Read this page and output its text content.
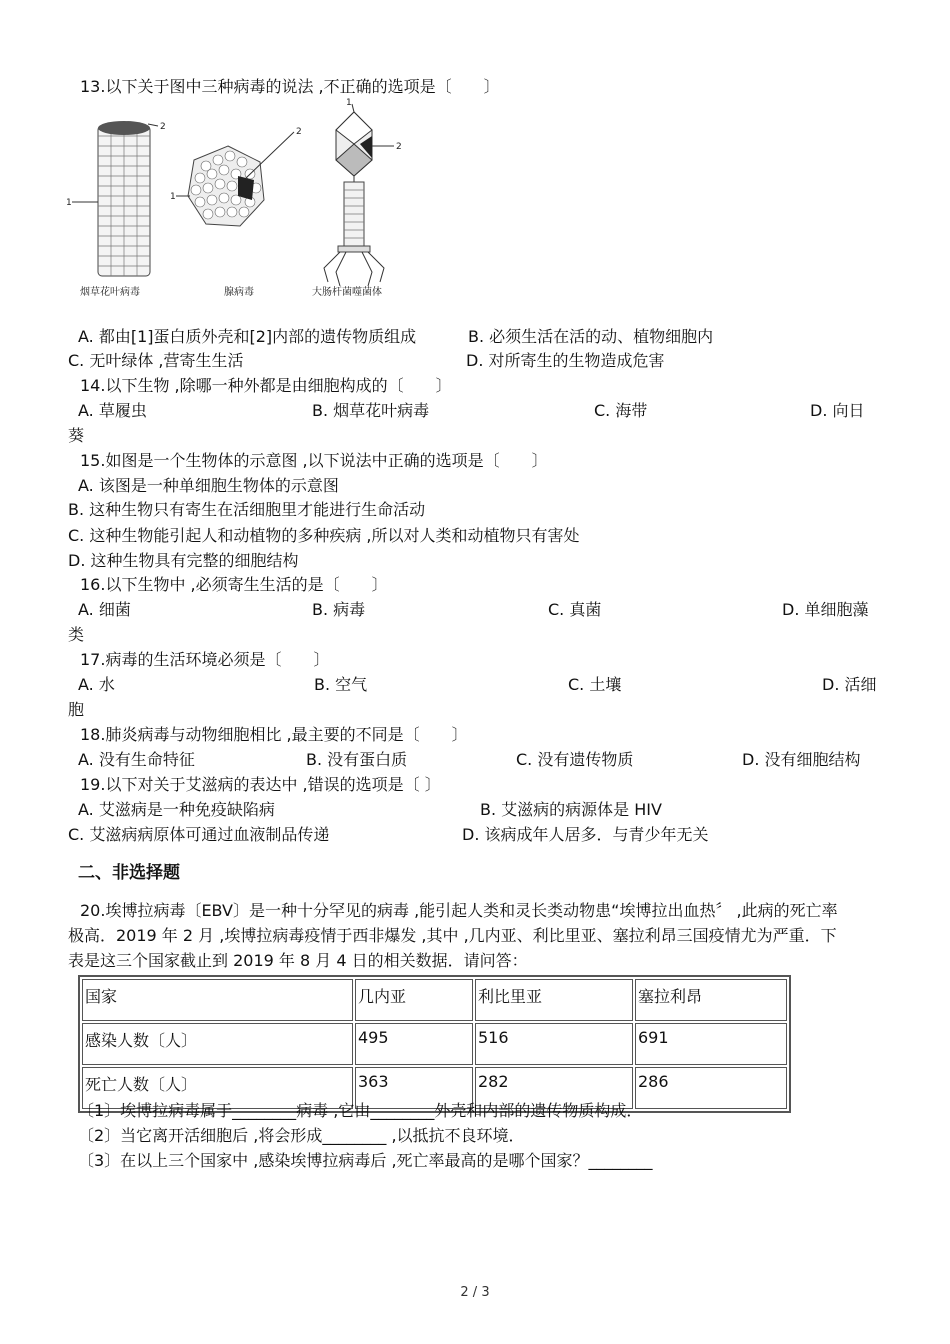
13.以下关于图中三种病毒的说法 ,不正确的选项是〔　　〕
2
1
烟草花叶病毒
2
1
腺病毒
1
2
大肠杆菌噬菌体
A. 都由[1]蛋白质外壳和[2]内部的遗传物质组成	B. 必须生活在活的动、植物细胞内
C. 无叶绿体 ,营寄生生活	D. 对所寄生的生物造成危害
14.以下生物 ,除哪一种外都是由细胞构成的〔　　〕
A. 草履虫	B. 烟草花叶病毒	C. 海带	D. 向日
葵
15.如图是一个生物体的示意图 ,以下说法中正确的选项是〔　　〕
A. 该图是一种单细胞生物体的示意图
B. 这种生物只有寄生在活细胞里才能进行生命活动
C. 这种生物能引起人和动植物的多种疾病 ,所以对人类和动植物只有害处
D. 这种生物具有完整的细胞结构
16.以下生物中 ,必须寄生生活的是〔　　〕
A. 细菌	B. 病毒	C. 真菌	D. 单细胞藻
类
17.病毒的生活环境必须是〔　　〕
A. 水	B. 空气	C. 土壤	D. 活细
胞
18.肺炎病毒与动物细胞相比 ,最主要的不同是〔　　〕
A. 没有生命特征	B. 没有蛋白质	C. 没有遗传物质	D. 没有细胞结构
19.以下对关于艾滋病的表达中 ,错误的选项是〔 〕
A. 艾滋病是一种免疫缺陷病	B. 艾滋病的病源体是 HIV
C. 艾滋病病原体可通过血液制品传递	D. 该病成年人居多．与青少年无关
二、非选择题
20.埃博拉病毒〔EBV〕是一种十分罕见的病毒 ,能引起人类和灵长类动物患“埃博拉出血热〞 ,此病的死亡率
极高．2019 年 2 月 ,埃博拉病毒疫情于西非爆发 ,其中 ,几内亚、利比里亚、塞拉利昂三国疫情尤为严重．下
表是这三个国家截止到 2019 年 8 月 4 日的相关数据．请问答：
国家	几内亚	利比里亚	塞拉利昂
感染人数〔人〕	495	516	691
死亡人数〔人〕	363	282	286
〔1〕埃博拉病毒属于________病毒 ,它由________外壳和内部的遗传物质构成．
〔2〕当它离开活细胞后 ,将会形成________ ,以抵抗不良环境．
〔3〕在以上三个国家中 ,感染埃博拉病毒后 ,死亡率最高的是哪个国家？________
2 / 3
